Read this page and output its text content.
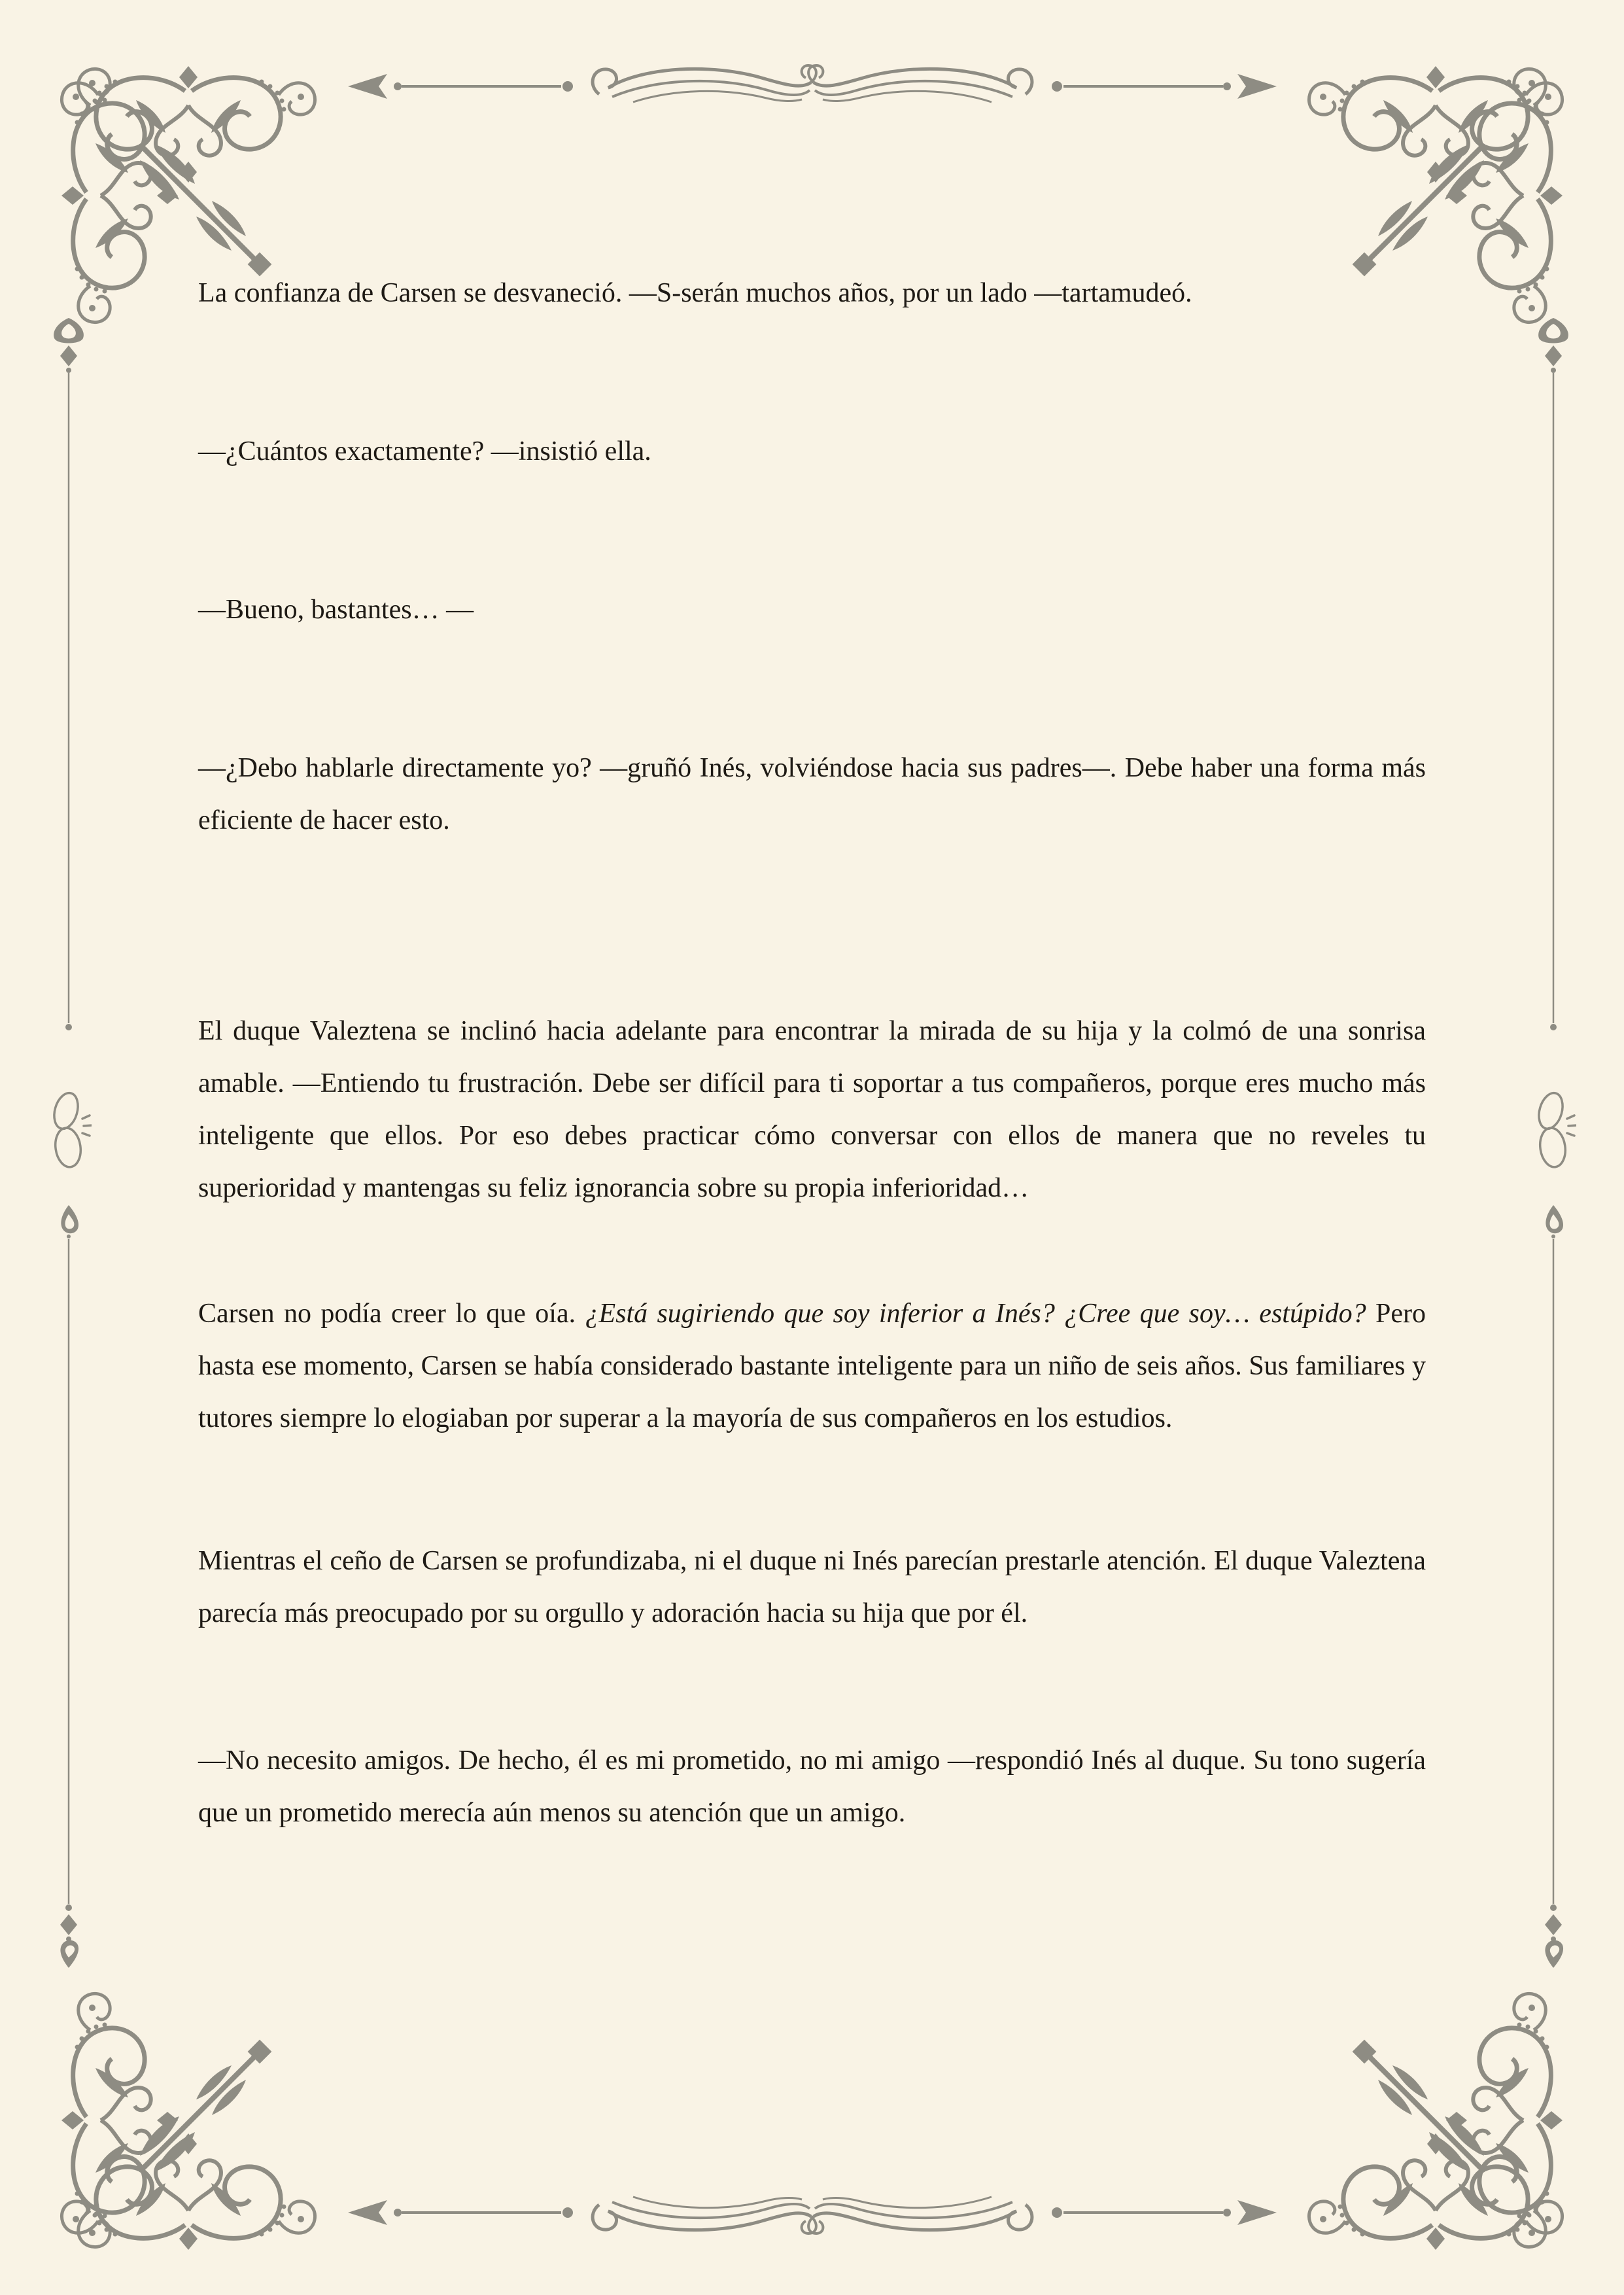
La confianza de Carsen se desvaneció. —S-serán muchos años, por un lado —tartamudeó.

—¿Cuántos exactamente? —insistió ella.

—Bueno, bastantes… —

—¿Debo hablarle directamente yo? —gruñó Inés, volviéndose hacia sus padres—. Debe haber una forma más eficiente de hacer esto.

El duque Valeztena se inclinó hacia adelante para encontrar la mirada de su hija y la colmó de una sonrisa amable. —Entiendo tu frustración. Debe ser difícil para ti soportar a tus compañeros, porque eres mucho más inteligente que ellos. Por eso debes practicar cómo conversar con ellos de manera que no reveles tu superioridad y mantengas su feliz ignorancia sobre su propia inferioridad…

Carsen no podía creer lo que oía. ¿Está sugiriendo que soy inferior a Inés? ¿Cree que soy… estúpido? Pero hasta ese momento, Carsen se había considerado bastante inteligente para un niño de seis años. Sus familiares y tutores siempre lo elogiaban por superar a la mayoría de sus compañeros en los estudios.

Mientras el ceño de Carsen se profundizaba, ni el duque ni Inés parecían prestarle atención. El duque Valeztena parecía más preocupado por su orgullo y adoración hacia su hija que por él.

—No necesito amigos. De hecho, él es mi prometido, no mi amigo —respondió Inés al duque. Su tono sugería que un prometido merecía aún menos su atención que un amigo.
